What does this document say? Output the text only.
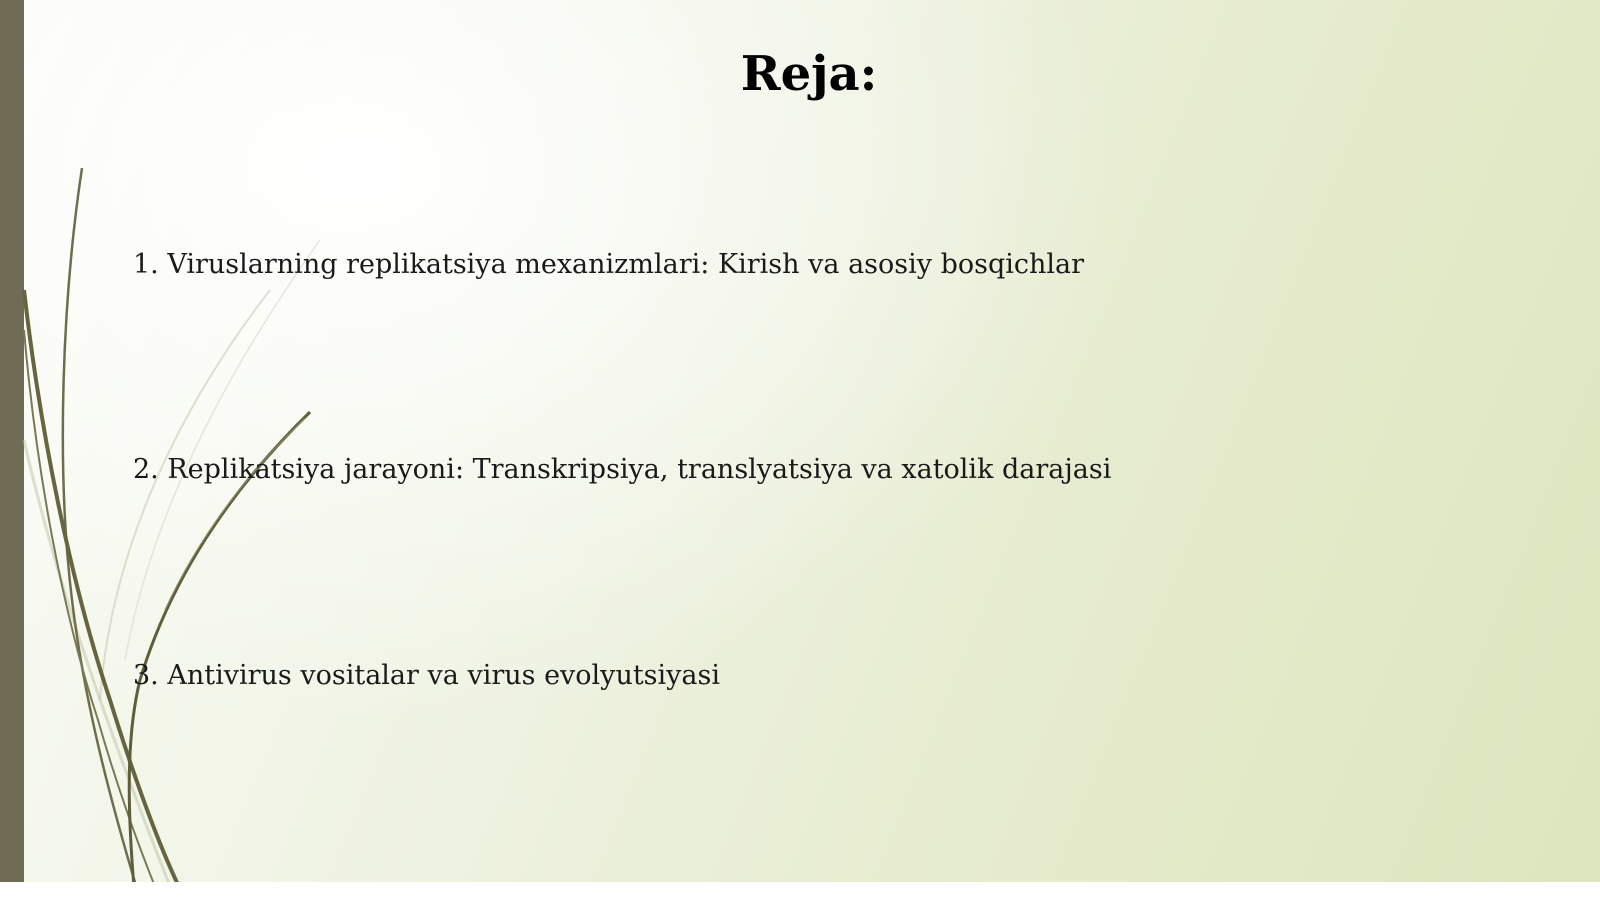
Reja:
1. Viruslarning replikatsiya mexanizmlari: Kirish va asosiy bosqichlar
2. Replikatsiya jarayoni: Transkripsiya, translyatsiya va xatolik darajasi
3. Antivirus vositalar va virus evolyutsiyasi
